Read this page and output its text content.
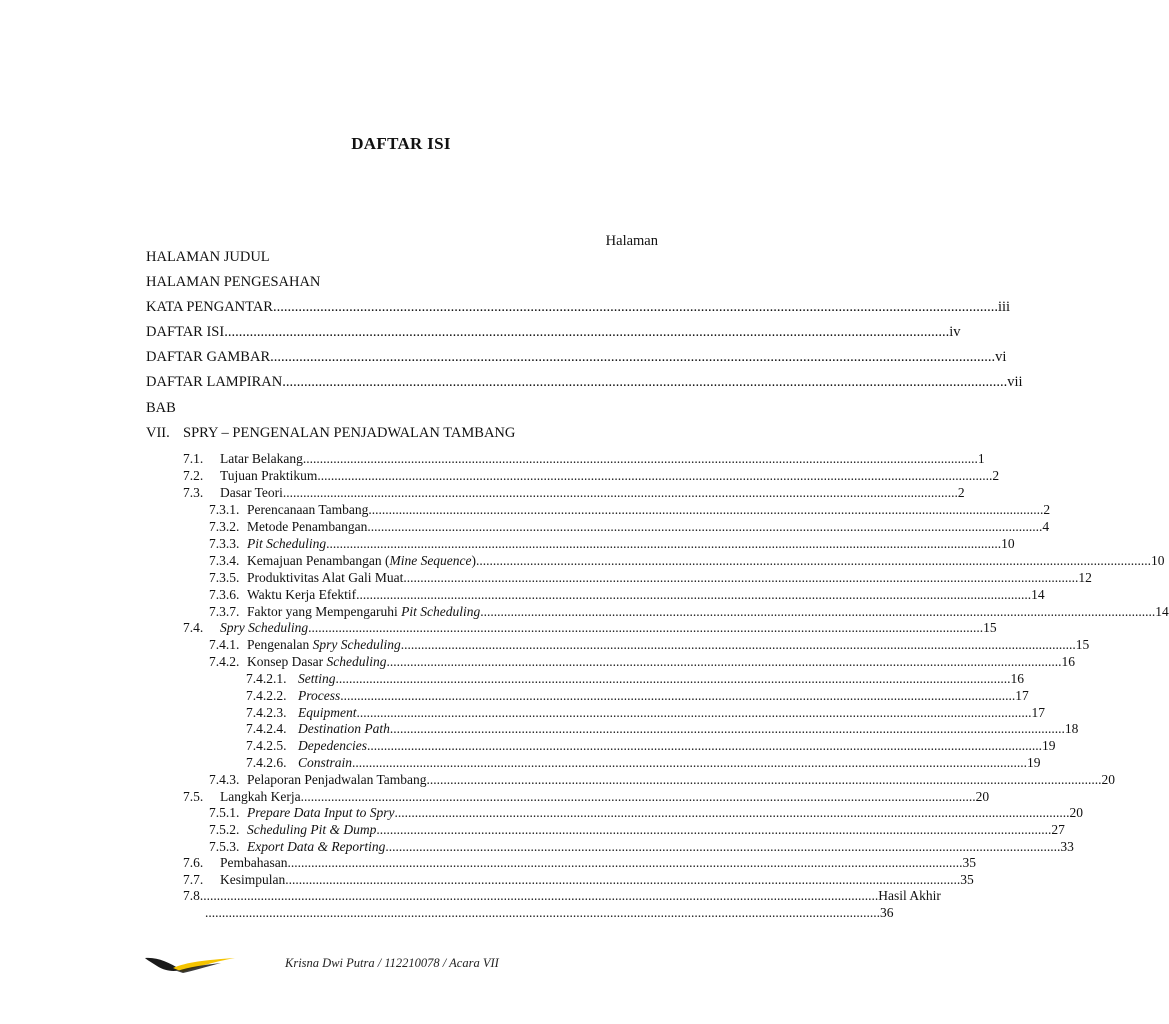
DAFTAR ISI
Halaman
HALAMAN JUDUL
HALAMAN PENGESAHAN
KATA PENGANTAR ........................................................................................................................................................................................................ iii
DAFTAR ISI ........................................................................................................................................................................................................ iv
DAFTAR GAMBAR ........................................................................................................................................................................................................ vi
DAFTAR LAMPIRAN ........................................................................................................................................................................................................ vii
BAB
VII. SPRY – PENGENALAN PENJADWALAN TAMBANG
7.1.	Latar Belakang ........................................................................................................................................................................................................ 1
7.2.	Tujuan Praktikum ........................................................................................................................................................................................................ 2
7.3.	Dasar Teori ........................................................................................................................................................................................................ 2
7.3.1. Perencanaan Tambang ........................................................................................................................................................................................................ 2
7.3.2. Metode Penambangan ........................................................................................................................................................................................................ 4
7.3.3. Pit Scheduling ........................................................................................................................................................................................................ 10
7.3.4. Kemajuan Penambangan (Mine Sequence) ........................................................................................................................................................................................................ 10
7.3.5. Produktivitas Alat Gali Muat ........................................................................................................................................................................................................ 12
7.3.6. Waktu Kerja Efektif ........................................................................................................................................................................................................ 14
7.3.7. Faktor yang Mempengaruhi Pit Scheduling ........................................................................................................................................................................................................ 14
7.4.	Spry Scheduling ........................................................................................................................................................................................................ 15
7.4.1. Pengenalan Spry Scheduling ........................................................................................................................................................................................................ 15
7.4.2. Konsep Dasar Scheduling ........................................................................................................................................................................................................ 16
7.4.2.1. Setting ........................................................................................................................................................................................................ 16
7.4.2.2. Process ........................................................................................................................................................................................................ 17
7.4.2.3. Equipment ........................................................................................................................................................................................................ 17
7.4.2.4. Destination Path ........................................................................................................................................................................................................ 18
7.4.2.5. Depedencies ........................................................................................................................................................................................................ 19
7.4.2.6. Constrain ........................................................................................................................................................................................................ 19
7.4.3. Pelaporan Penjadwalan Tambang ........................................................................................................................................................................................................ 20
7.5.	Langkah Kerja ........................................................................................................................................................................................................ 20
7.5.1. Prepare Data Input to Spry ........................................................................................................................................................................................................ 20
7.5.2. Scheduling Pit & Dump ........................................................................................................................................................................................................ 27
7.5.3. Export Data & Reporting ........................................................................................................................................................................................................ 33
7.6.	Pembahasan ........................................................................................................................................................................................................ 35
7.7.	Kesimpulan ........................................................................................................................................................................................................ 35
7.8. ........................................................................................................................................................................................................ Hasil Akhir
........................................................................................................................................................................................................ 36
Krisna Dwi Putra / 112210078 / Acara VII
